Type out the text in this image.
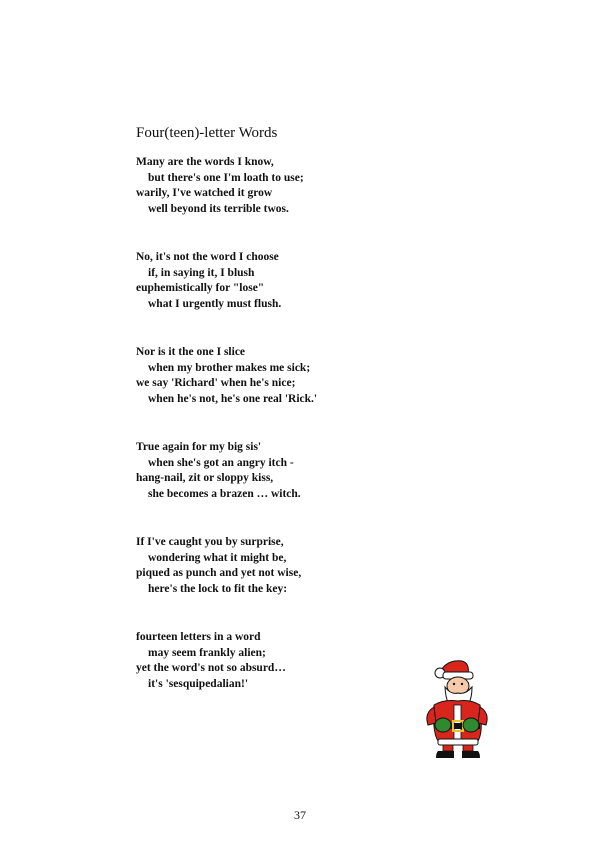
Four(teen)-letter Words
Many are the words I know,
but there's one I'm loath to use;
warily, I've watched it grow
well beyond its terrible twos.
No, it's not the word I choose
if, in saying it, I blush
euphemistically for "lose"
what I urgently must flush.
Nor is it the one I slice
when my brother makes me sick;
we say 'Richard' when he's nice;
when he's not, he's one real 'Rick.'
True again for my big sis'
when she's got an angry itch -
hang-nail, zit or sloppy kiss,
she becomes a brazen … witch.
If I've caught you by surprise,
wondering what it might be,
piqued as punch and yet not wise,
here's the lock to fit the key:
fourteen letters in a word
may seem frankly alien;
yet the word's not so absurd…
it's 'sesquipedalian!'
37
